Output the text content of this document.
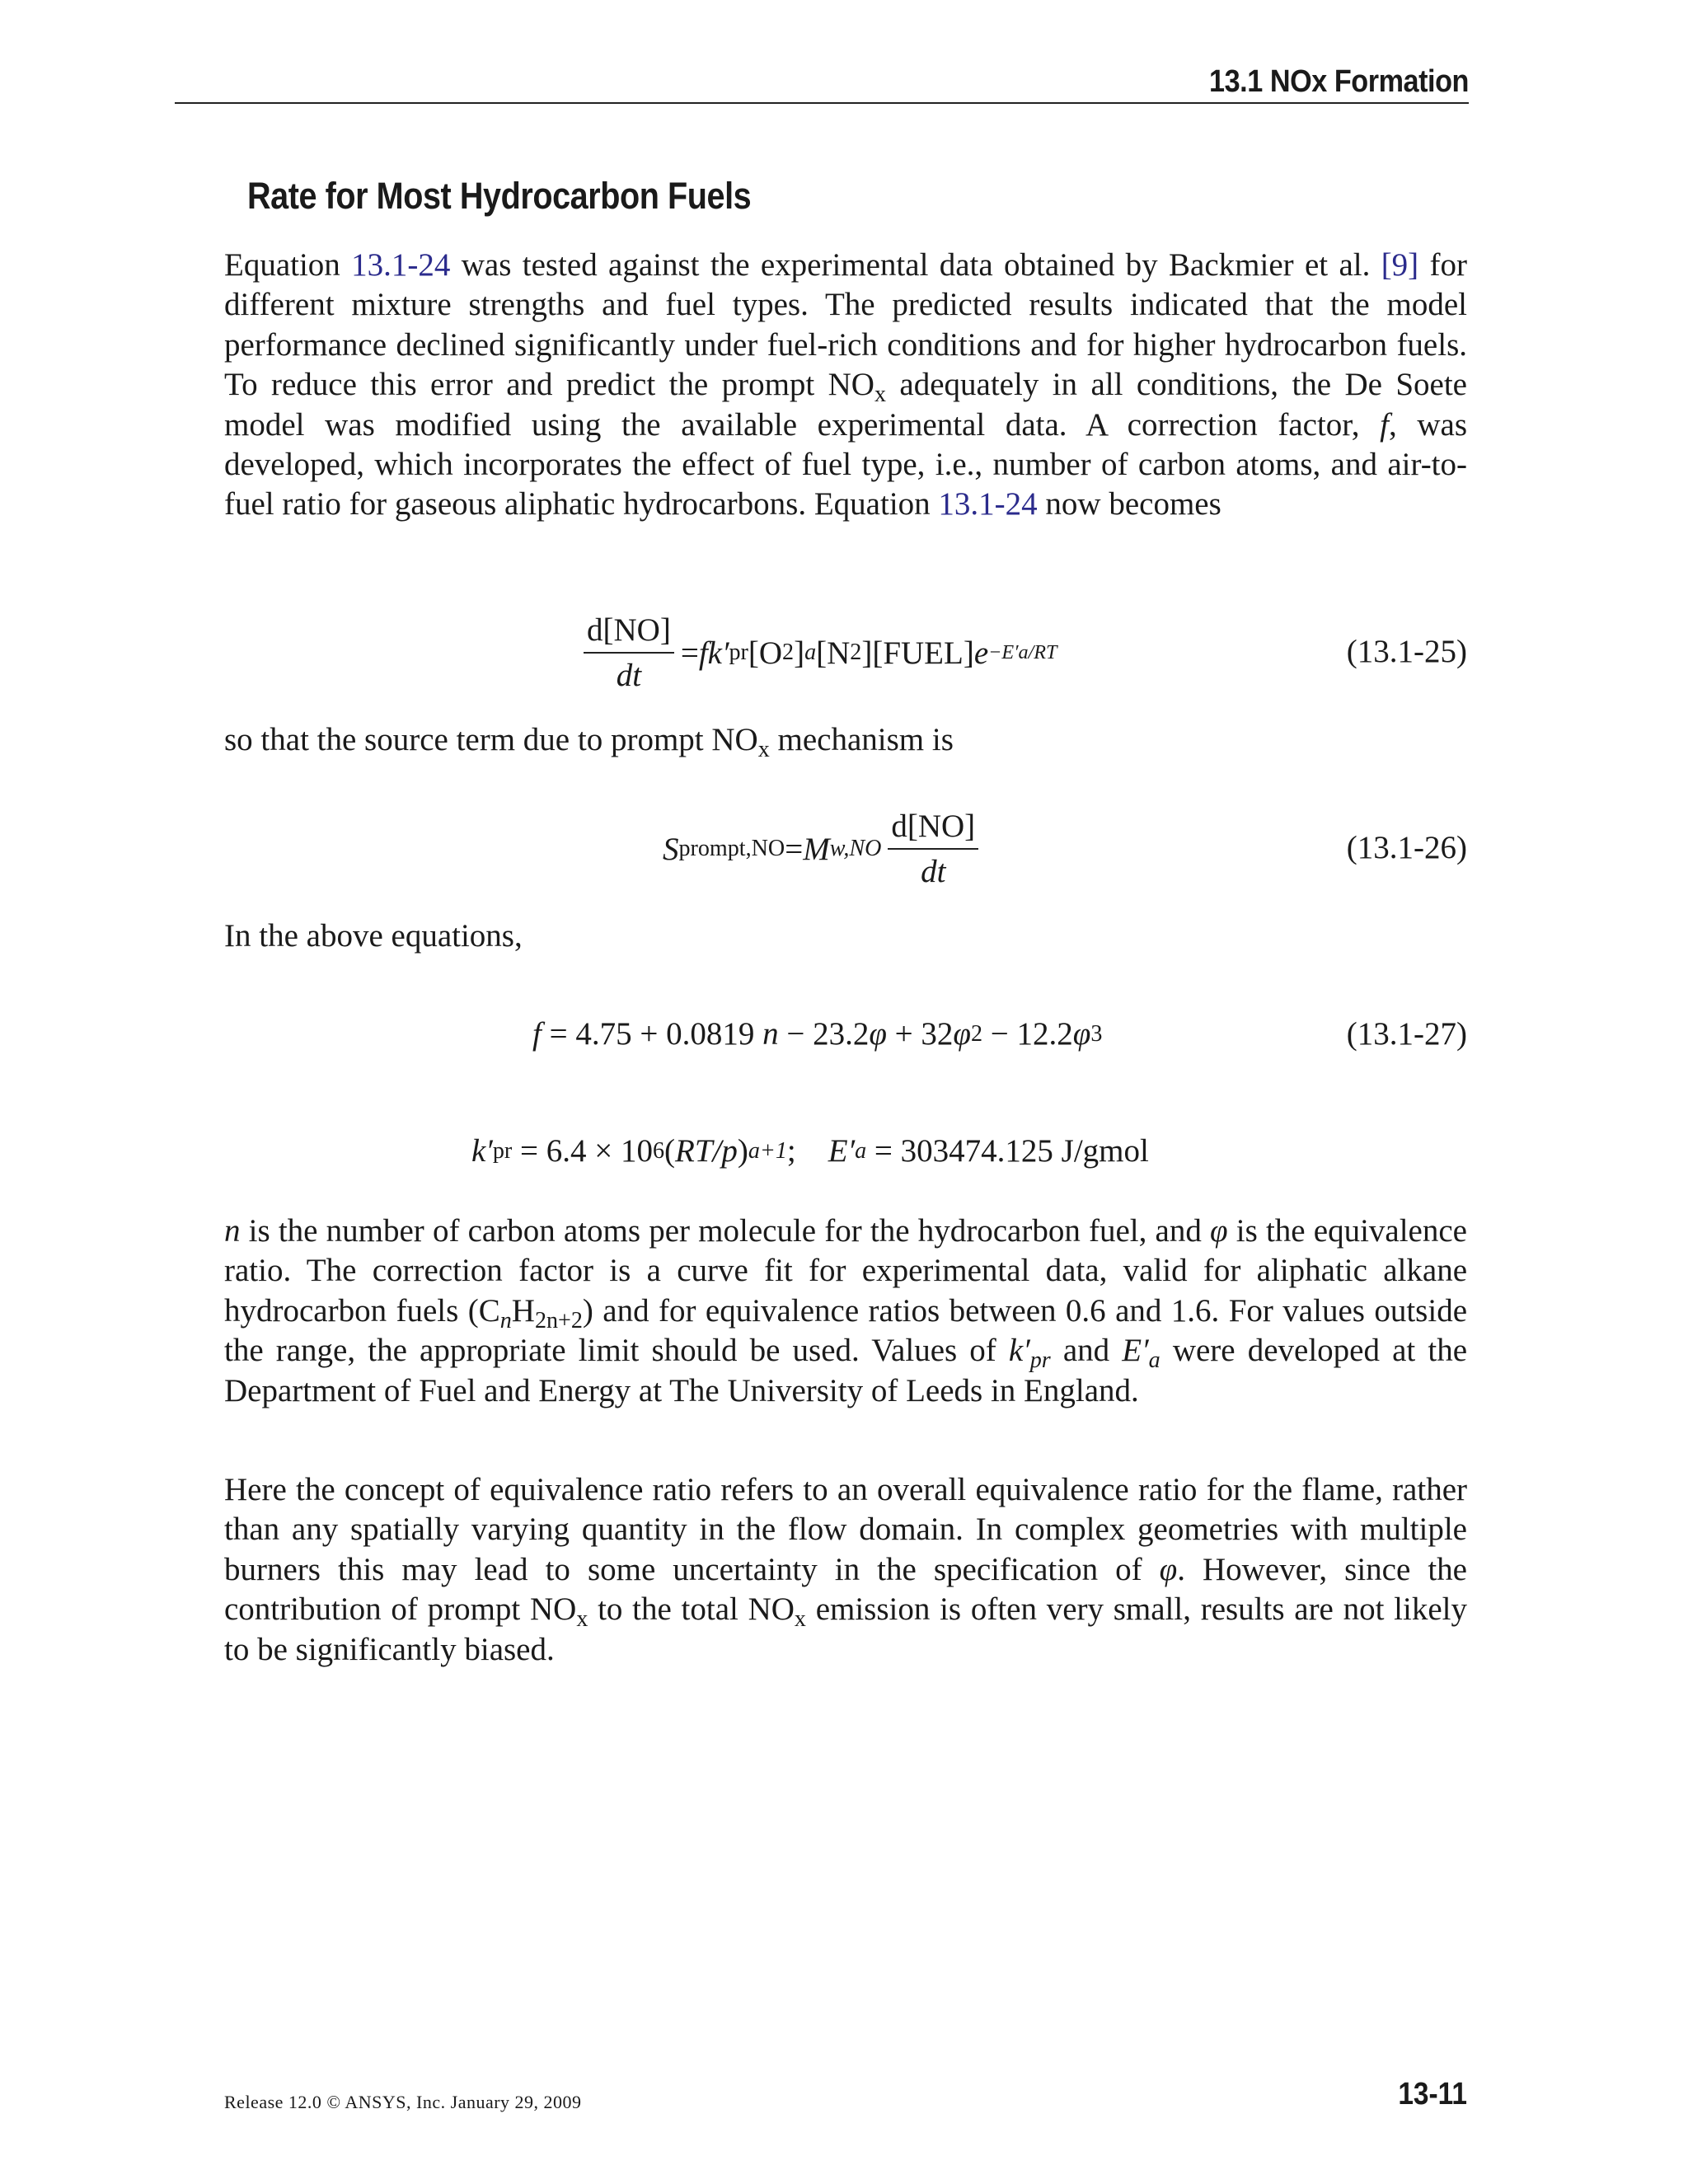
13.1 NOx Formation
Rate for Most Hydrocarbon Fuels
Equation 13.1-24 was tested against the experimental data obtained by Backmier et al. [9] for different mixture strengths and fuel types. The predicted results indicated that the model performance declined significantly under fuel-rich conditions and for higher hydrocarbon fuels. To reduce this error and predict the prompt $NO_x$ adequately in all conditions, the De Soete model was modified using the available experimental data. A correction factor, f, was developed, which incorporates the effect of fuel type, i.e., number of carbon atoms, and air-to-fuel ratio for gaseous aliphatic hydrocarbons. Equation 13.1-24 now becomes
$\frac{d[NO]}{dt} = f$ k′ pr [O 2 ] a [N 2 ][FUEL] e −E′a/RT	(13.1-25)
so that the source term due to prompt $NO_x$ mechanism is
S prompt,NO = M $w,NO \frac{d[NO]}{dt}$	(13.1-26)
In the above equations,
f = 4.75 + 0.0819 n − 23.2 φ + 32 φ 2 − 12.2 φ 3	(13.1-27)
k′ pr = 6.4 × 10 6 ( RT/p ) a+1 ; E′ a = 303474.125 J/gmol
n is the number of carbon atoms per molecule for the hydrocarbon fuel, and φ is the equivalence ratio. The correction factor is a curve fit for experimental data, valid for aliphatic alkane hydrocarbon fuels $(C_nH_{2n+2})$ and for equivalence ratios between 0.6 and 1.6. For values outside the range, the appropriate limit should be used. Values of $k'_{pr}$ and $E'_a$ were developed at the Department of Fuel and Energy at The University of Leeds in England.
Here the concept of equivalence ratio refers to an overall equivalence ratio for the flame, rather than any spatially varying quantity in the flow domain. In complex geometries with multiple burners this may lead to some uncertainty in the specification of φ. However, since the contribution of prompt $NO_x$ to the total $NO_x$ emission is often very small, results are not likely to be significantly biased.
Release 12.0 © ANSYS, Inc. January 29, 2009	13-11
